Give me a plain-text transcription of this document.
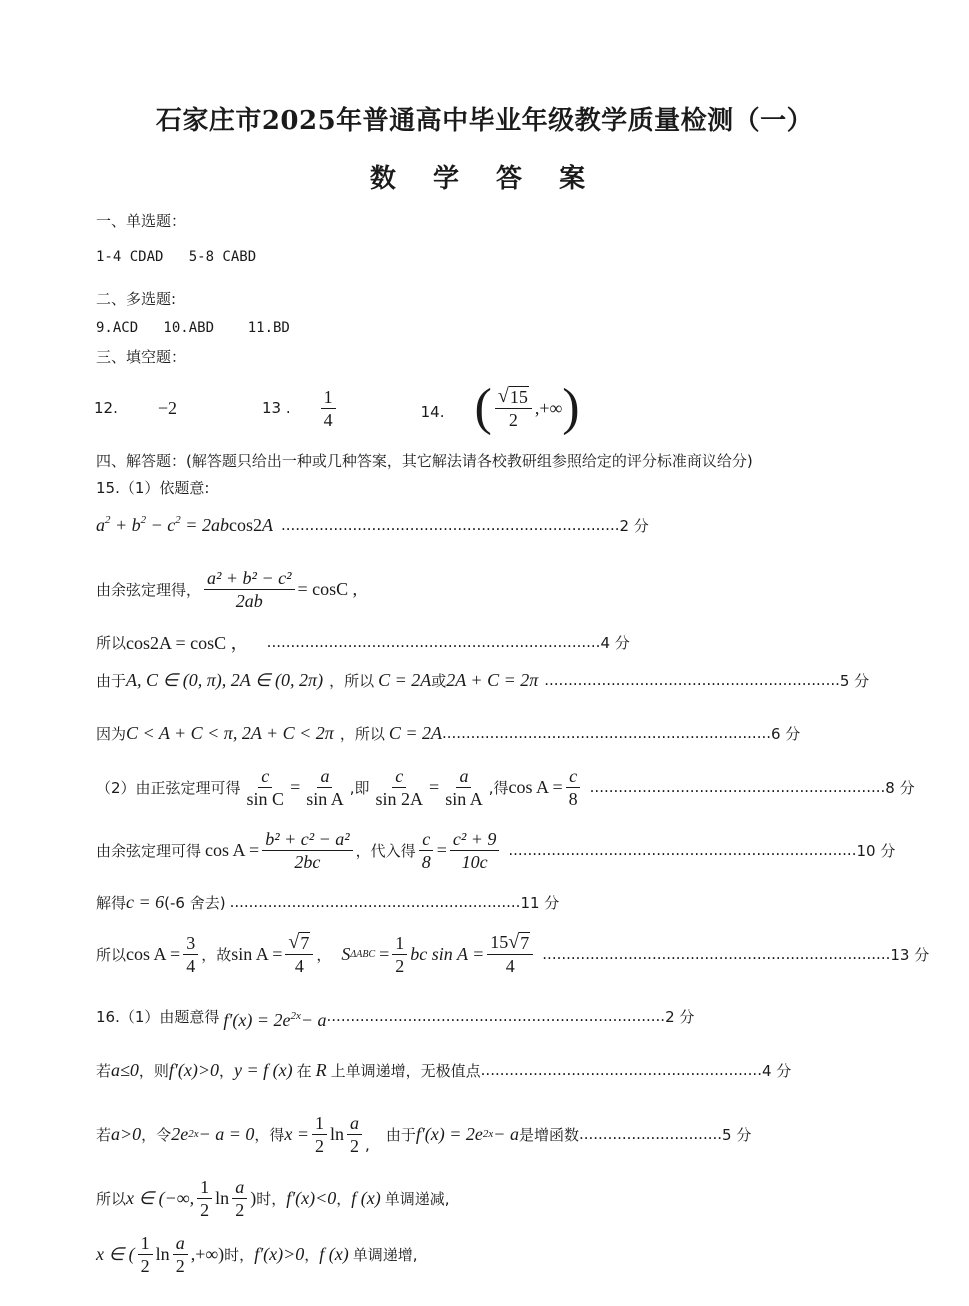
石家庄市2025年普通高中毕业年级教学质量检测（一）
数 学 答 案
一、单选题：
1-4 CDAD   5-8 CABD
二、多选题:
9.ACD   10.ABD    11.BD
三、填空题：
12. −2	13 . $\frac{1}{4}$	14. ( $\frac{√ 15}{2}$ ,+∞ )
四、解答题：(解答题只给出一种或几种答案，其它解法请各校教研组参照给定的评分标准商议给分)
15.（1）依题意:
$a^2 + b^2 - c^2 = 2ab$ cos2 A ....................................................................... 2 分
由余弦定理得， $\frac{\text{a² + b² − c²}}{2ab} = \cos C$ ,
所以 cos2A = cosC ， ...................................................................... 4 分
由于 A, C ∈ (0, π), 2A ∈ (0, 2π) ，所以 C = 2A 或 2A + C = 2π .............................................................. 5 分
因为 C < A + C < π, 2A + C < 2π ，所以 C = 2A ..................................................................... 6 分
（2）由正弦定理可得 $\frac{c}{\text{sin C}} = \frac{a}{\text{sin A}}$ ,即 $\frac{c}{\sin 2A} = \frac{a}{\text{sin A}}$ ,得 $\cos A = \frac{c}{8}$ .............................................................. 8 分
由余弦定理可得 $\cos A = \frac{\text{b² + c² − a²}}{2bc}$ ，代入得 $\frac{c}{8} = \frac{\text{c² + 9}}{10c}$ ......................................................................... 10 分
解得 c = 6 (-6 舍去) ............................................................. 11 分
所以 $\cos A = \frac{3}{4}$ ，故 $\sin A = \frac{√ 7}{4}$ ， S $\Delta ABC = \frac{1}{2}$ bc $\sin A = \frac{15 √ 7}{4}$ ......................................................................... 13 分
16.（1）由题意得 f′(x) = 2e 2x − a ....................................................................... 2 分
若 a≤0 ，则 f′(x)>0 ， y = f (x) 在 R 上单调递增，无极值点 ........................................................... 4 分
若 a>0 ，令 2e 2x − a = 0 ，得 $x = \frac{1}{2}$ $\ln \frac{a}{2}$ ,
由于 f′(x) = 2e 2x − a 是增函数 .............................. 5 分
所以 x ∈ (−∞, $\frac{1}{2}$ $\ln \frac{a}{2}$ ) 时， f′(x)<0 ， f (x) 单调递减,
x ∈ ( $\frac{1}{2}$ $\ln \frac{a}{2}$ ,+∞) 时， f′(x)>0 ， f (x) 单调递增,
